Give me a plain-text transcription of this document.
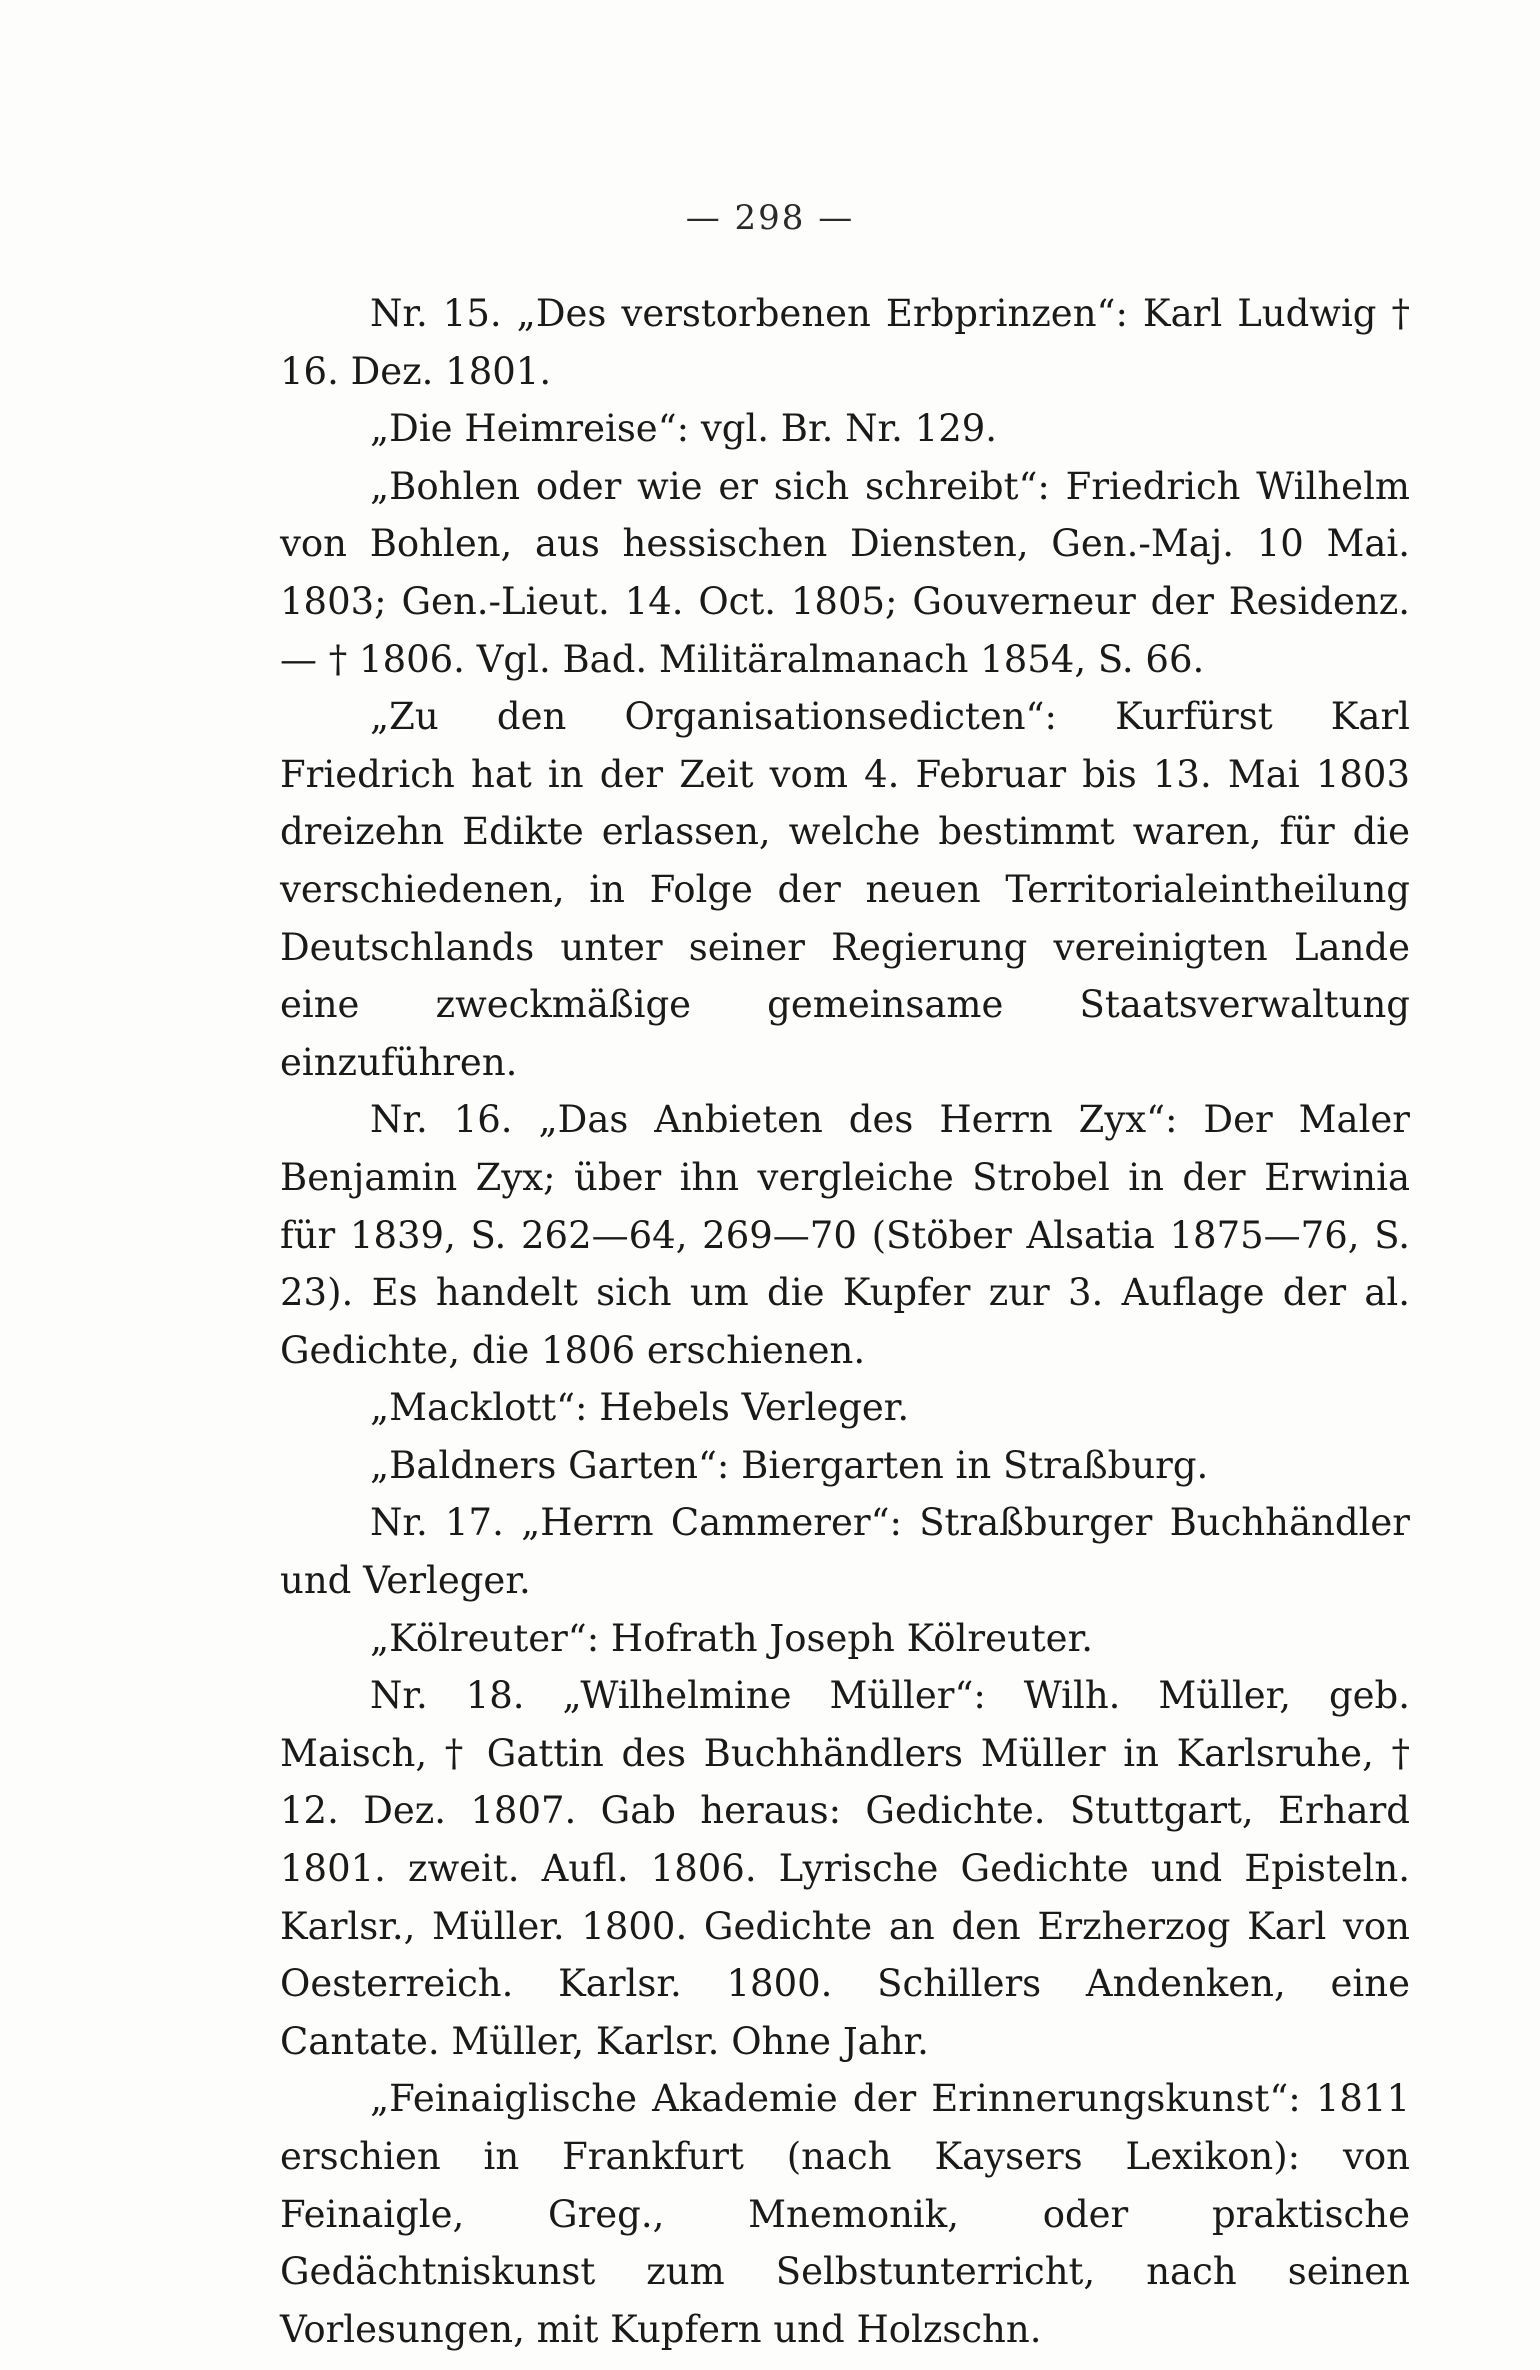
— 298 —

Nr. 15. „Des verstorbenen Erbprinzen“: Karl Ludwig † 16. Dez. 1801.

„Die Heimreise“: vgl. Br. Nr. 129.

„Bohlen oder wie er sich schreibt“: Friedrich Wilhelm von Bohlen, aus hessischen Diensten, Gen.-Maj. 10 Mai. 1803; Gen.-Lieut. 14. Oct. 1805; Gouverneur der Residenz. — † 1806. Vgl. Bad. Militäralmanach 1854, S. 66.

„Zu den Organisationsedicten“: Kurfürst Karl Friedrich hat in der Zeit vom 4. Februar bis 13. Mai 1803 dreizehn Edikte erlassen, welche bestimmt waren, für die verschiedenen, in Folge der neuen Territorialeintheilung Deutschlands unter seiner Regierung vereinigten Lande eine zweckmäßige gemeinsame Staatsverwaltung einzuführen.

Nr. 16. „Das Anbieten des Herrn Zyx“: Der Maler Benjamin Zyx; über ihn vergleiche Strobel in der Erwinia für 1839, S. 262—64, 269—70 (Stöber Alsatia 1875—76, S. 23). Es handelt sich um die Kupfer zur 3. Auflage der al. Gedichte, die 1806 erschienen.

„Macklott“: Hebels Verleger.

„Baldners Garten“: Biergarten in Straßburg.

Nr. 17. „Herrn Cammerer“: Straßburger Buchhändler und Verleger.

„Kölreuter“: Hofrath Joseph Kölreuter.

Nr. 18. „Wilhelmine Müller“: Wilh. Müller, geb. Maisch, † Gattin des Buchhändlers Müller in Karlsruhe, † 12. Dez. 1807. Gab heraus: Gedichte. Stuttgart, Erhard 1801. zweit. Aufl. 1806. Lyrische Gedichte und Episteln. Karlsr., Müller. 1800. Gedichte an den Erzherzog Karl von Oesterreich. Karlsr. 1800. Schillers Andenken, eine Cantate. Müller, Karlsr. Ohne Jahr.

„Feinaiglische Akademie der Erinnerungskunst“: 1811 erschien in Frankfurt (nach Kaysers Lexikon): von Feinaigle, Greg., Mnemonik, oder praktische Gedächtniskunst zum Selbstunterricht, nach seinen Vorlesungen, mit Kupfern und Holzschn.
